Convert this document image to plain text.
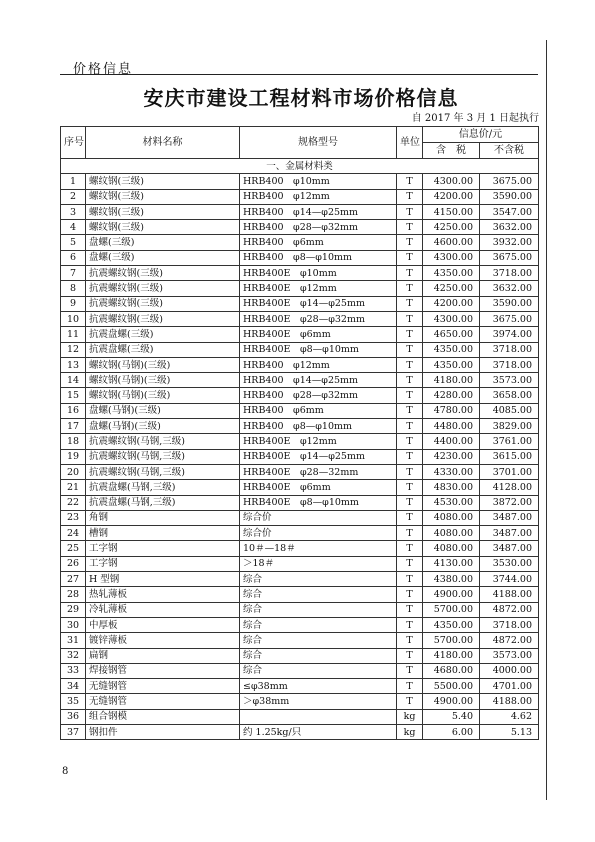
价格信息
安庆市建设工程材料市场价格信息
自 2017 年 3 月 1 日起执行
序号	材料名称	规格型号	单位	信息价/元	
				含　税	不含税
一、金属材料类					
1	螺纹钢(三级)	HRB400　φ10mm	T	4300.00	3675.00
2	螺纹钢(三级)	HRB400　φ12mm	T	4200.00	3590.00
3	螺纹钢(三级)	HRB400　φ14—φ25mm	T	4150.00	3547.00
4	螺纹钢(三级)	HRB400　φ28—φ32mm	T	4250.00	3632.00
5	盘螺(三级)	HRB400　φ6mm	T	4600.00	3932.00
6	盘螺(三级)	HRB400　φ8—φ10mm	T	4300.00	3675.00
7	抗震螺纹钢(三级)	HRB400E　φ10mm	T	4350.00	3718.00
8	抗震螺纹钢(三级)	HRB400E　φ12mm	T	4250.00	3632.00
9	抗震螺纹钢(三级)	HRB400E　φ14—φ25mm	T	4200.00	3590.00
10	抗震螺纹钢(三级)	HRB400E　φ28—φ32mm	T	4300.00	3675.00
11	抗震盘螺(三级)	HRB400E　φ6mm	T	4650.00	3974.00
12	抗震盘螺(三级)	HRB400E　φ8—φ10mm	T	4350.00	3718.00
13	螺纹钢(马钢)(三级)	HRB400　φ12mm	T	4350.00	3718.00
14	螺纹钢(马钢)(三级)	HRB400　φ14—φ25mm	T	4180.00	3573.00
15	螺纹钢(马钢)(三级)	HRB400　φ28—φ32mm	T	4280.00	3658.00
16	盘螺(马钢)(三级)	HRB400　φ6mm	T	4780.00	4085.00
17	盘螺(马钢)(三级)	HRB400　φ8—φ10mm	T	4480.00	3829.00
18	抗震螺纹钢(马钢,三级)	HRB400E　φ12mm	T	4400.00	3761.00
19	抗震螺纹钢(马钢,三级)	HRB400E　φ14—φ25mm	T	4230.00	3615.00
20	抗震螺纹钢(马钢,三级)	HRB400E　φ28—32mm	T	4330.00	3701.00
21	抗震盘螺(马钢,三级)	HRB400E　φ6mm	T	4830.00	4128.00
22	抗震盘螺(马钢,三级)	HRB400E　φ8—φ10mm	T	4530.00	3872.00
23	角钢	综合价	T	4080.00	3487.00
24	槽钢	综合价	T	4080.00	3487.00
25	工字钢	10＃—18＃	T	4080.00	3487.00
26	工字钢	＞18＃	T	4130.00	3530.00
27	H 型钢	综合	T	4380.00	3744.00
28	热轧薄板	综合	T	4900.00	4188.00
29	冷轧薄板	综合	T	5700.00	4872.00
30	中厚板	综合	T	4350.00	3718.00
31	镀锌薄板	综合	T	5700.00	4872.00
32	扁钢	综合	T	4180.00	3573.00
33	焊接钢管	综合	T	4680.00	4000.00
34	无缝钢管	≤φ38mm	T	5500.00	4701.00
35	无缝钢管	＞φ38mm	T	4900.00	4188.00
36	组合钢模		kg	5.40	4.62
37	钢扣件	约 1.25kg/只	kg	6.00	5.13
8
